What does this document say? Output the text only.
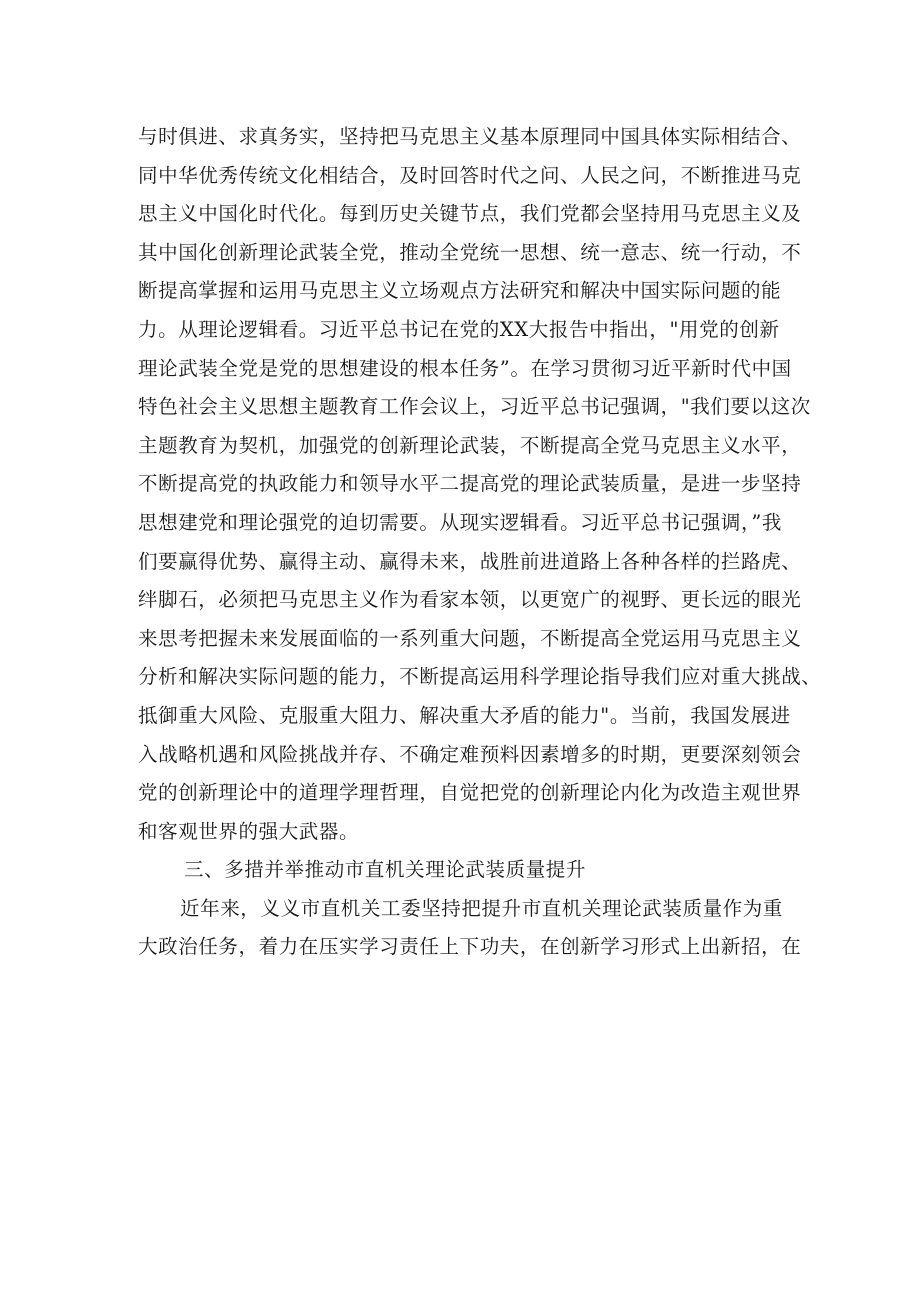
与时俱进、求真务实，坚持把马克思主义基本原理同中国具体实际相结合、
同中华优秀传统文化相结合，及时回答时代之问、人民之问，不断推进马克
思主义中国化时代化。每到历史关键节点，我们党都会坚持用马克思主义及
其中国化创新理论武装全党，推动全党统一思想、统一意志、统一行动，不
断提高掌握和运用马克思主义立场观点方法研究和解决中国实际问题的能
力。从理论逻辑看。习近平总书记在党的XX大报告中指出，"用党的创新
理论武装全党是党的思想建设的根本任务”。在学习贯彻习近平新时代中国
特色社会主义思想主题教育工作会议上，习近平总书记强调，"我们要以这次
主题教育为契机，加强党的创新理论武装，不断提高全党马克思主义水平，
不断提高党的执政能力和领导水平二提高党的理论武装质量，是进一步坚持
思想建党和理论强党的迫切需要。从现实逻辑看。习近平总书记强调，”我
们要赢得优势、赢得主动、赢得未来，战胜前进道路上各种各样的拦路虎、
绊脚石，必须把马克思主义作为看家本领，以更宽广的视野、更长远的眼光
来思考把握未来发展面临的一系列重大问题，不断提高全党运用马克思主义
分析和解决实际问题的能力，不断提高运用科学理论指导我们应对重大挑战、
抵御重大风险、克服重大阻力、解决重大矛盾的能力"。当前，我国发展进
入战略机遇和风险挑战并存、不确定难预料因素增多的时期，更要深刻领会
党的创新理论中的道理学理哲理，自觉把党的创新理论内化为改造主观世界
和客观世界的强大武器。
三、多措并举推动市直机关理论武装质量提升
近年来，义义市直机关工委坚持把提升市直机关理论武装质量作为重
大政治任务，着力在压实学习责任上下功夫，在创新学习形式上出新招，在
